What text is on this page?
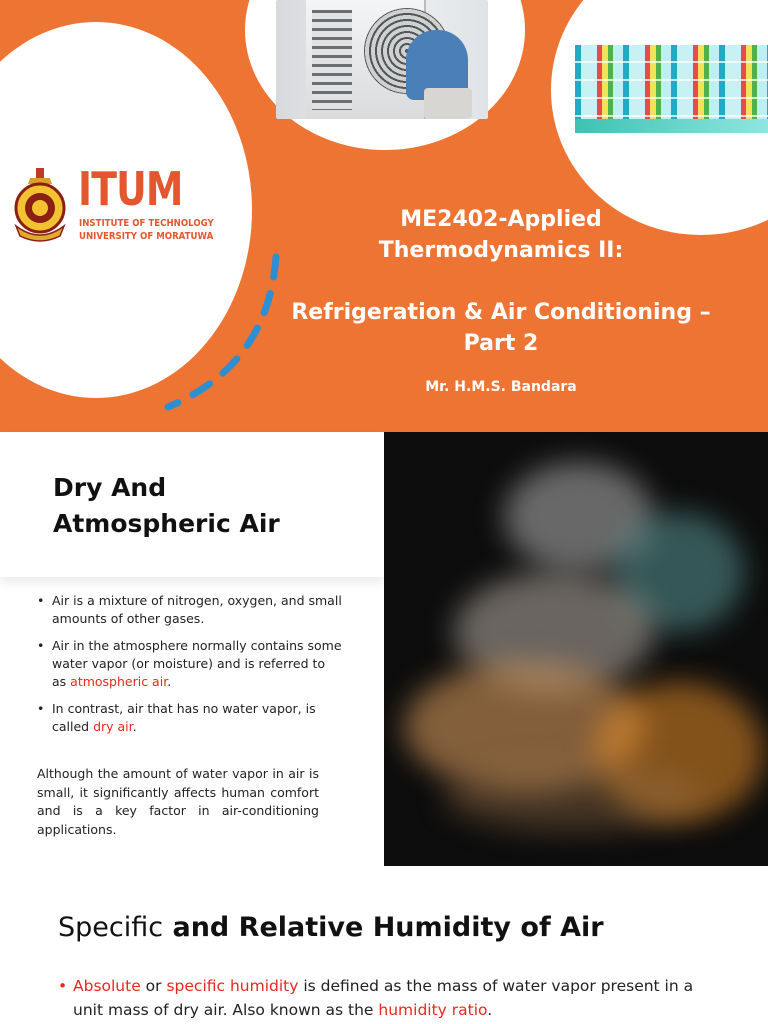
ITUM
INSTITUTE OF TECHNOLOGY
UNIVERSITY OF MORATUWA
ME2402-Applied
Thermodynamics II:
Refrigeration & Air Conditioning –
Part 2
Mr. H.M.S. Bandara
Dry And
Atmospheric Air
• Air is a mixture of nitrogen, oxygen, and small amounts of other gases.
• Air in the atmosphere normally contains some water vapor (or moisture) and is referred to as atmospheric air.
• In contrast, air that has no water vapor, is called dry air.
Although the amount of water vapor in air is small, it significantly affects human comfort and is a key factor in air-conditioning applications.
Specific and Relative Humidity of Air
• Absolute or specific humidity is defined as the mass of water vapor present in a unit mass of dry air. Also known as the humidity ratio.
